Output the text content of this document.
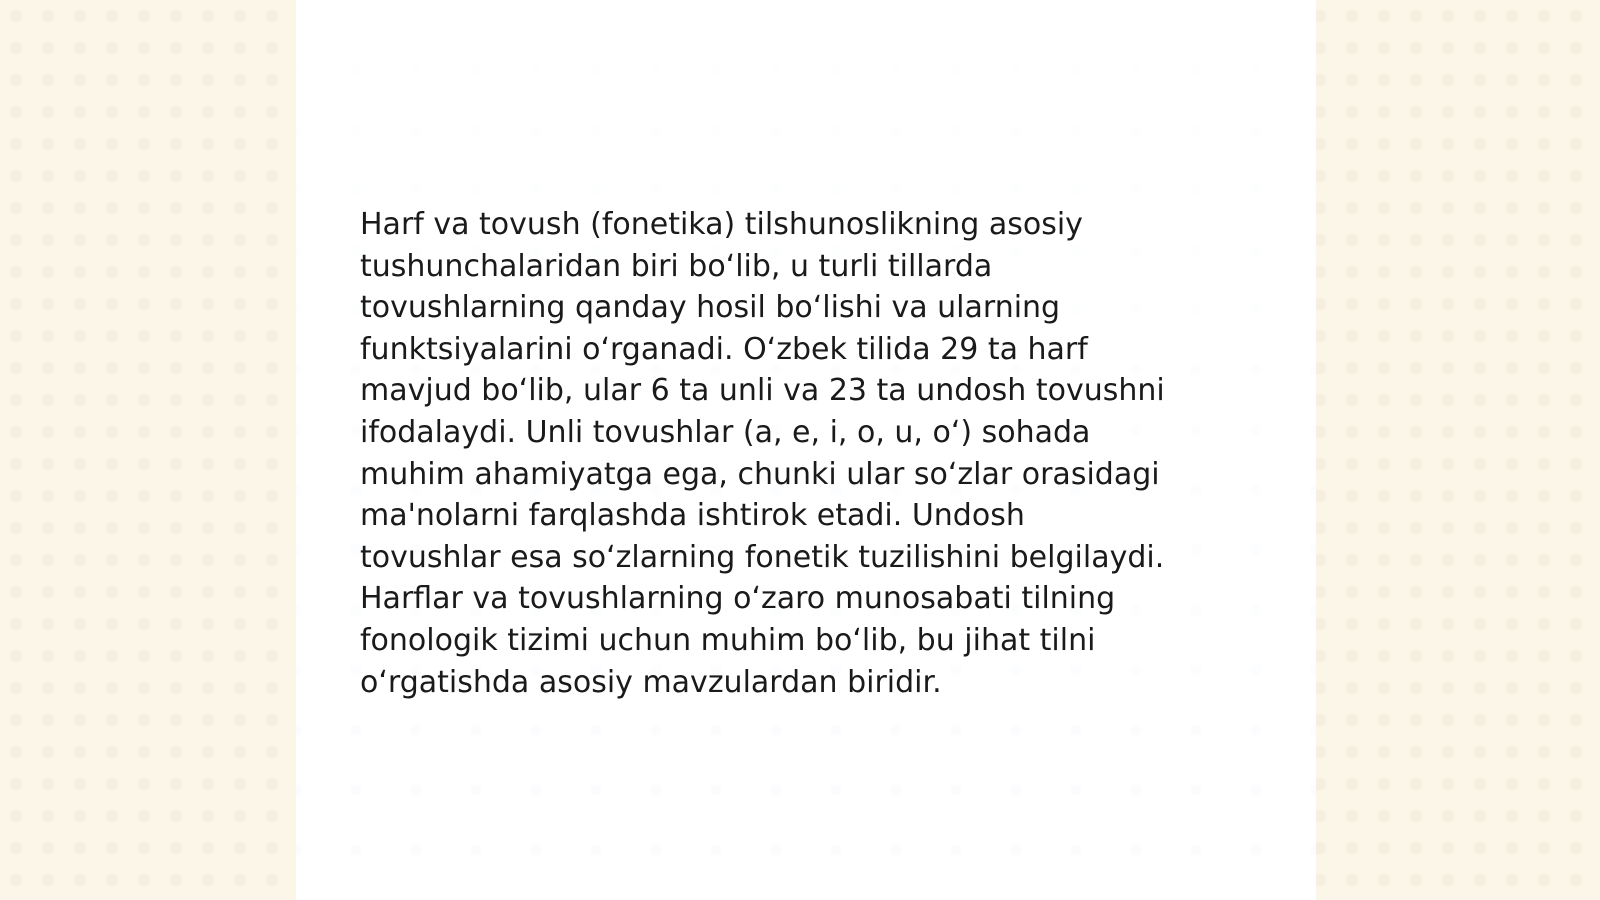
Harf va tovush (fonetika) tilshunoslikning asosiy
tushunchalaridan biri bo‘lib, u turli tillarda
tovushlarning qanday hosil bo‘lishi va ularning
funktsiyalarini o‘rganadi. O‘zbek tilida 29 ta harf
mavjud bo‘lib, ular 6 ta unli va 23 ta undosh tovushni
ifodalaydi. Unli tovushlar (a, e, i, o, u, o‘) sohada
muhim ahamiyatga ega, chunki ular so‘zlar orasidagi
ma'nolarni farqlashda ishtirok etadi. Undosh
tovushlar esa so‘zlarning fonetik tuzilishini belgilaydi.
Harflar va tovushlarning o‘zaro munosabati tilning
fonologik tizimi uchun muhim bo‘lib, bu jihat tilni
o‘rgatishda asosiy mavzulardan biridir.
